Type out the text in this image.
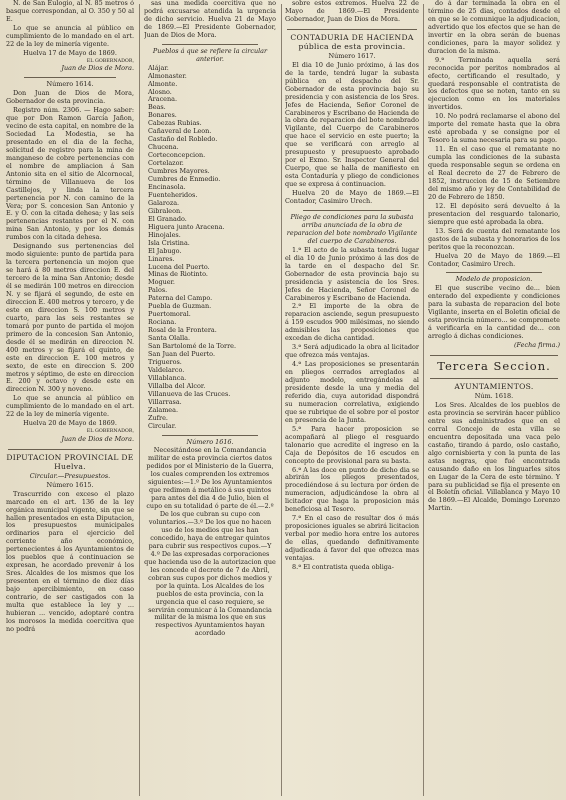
N. de San Eulogio, al N. 85 metros ó basque correspondan, al O. 350 y 50 al E.

Lo que se anuncia al público en cumplimiento de lo mandado en el art. 22 de la ley de minería vigente.

Huelva 17 de Mayo de 1869.

EL GOBERNADOR,

Juan de Dios de Mora.

Número 1614.

Don Juan de Dios de Mora, Gobernador de esta provincia.

Registro núm. 2306. — Hago saber: que por Don Ramon García Jañon, vecino de esta capital, en nombre de la Sociedad La Modestia, se ha presentado en el dia de la fecha, solicitud de registro para la mina de manganeso de cobre pertenencias con el nombre de ampliacion á San Antonio sita en el sitio de Alcornocal, término de Villanueva de los Castillejos, y linda la tercera pertenencia por N. con camino de la Vera; por S. concesion San Antonio y E. y O. con la citada dehesa; y las seis pertenencias restantes por el N. con mina San Antonio, y por los demás rumbos con la citada dehesa.

Designando sus pertenencias del modo siguiente: punto de partida para la tercera pertenencia un mojon que se hará á 80 metros direccion E. del tercero de la mina San Antonio; desde él se medirán 100 metros en direccion N. y se fijará el segundo, de este en direccion E. 400 metros y tercero, y de este en direccion S. 100 metros y cuarto, para las seis restantes se tomará por punto de partida el mojon primero de la concesion San Antonio, desde él se medirán en direccion N. 400 metros y se fijará el quinto, de este en direccion E. 100 metros y sexto, de este en direccion S. 200 metros y séptimo, de este en direccion E. 200 y octavo y desde este en direccion N. 300 y noveno.

Lo que se anuncia al público en cumplimiento de lo mandado en el art. 22 de la ley de minería vigente.

Huelva 20 de Mayo de 1869.

EL GOBERNADOR,

Juan de Dios de Mora.

DIPUTACION PROVINCIAL DE Huelva.

Circular.—Presupuestos.

Número 1615.

Trascurrido con exceso el plazo marcado en el art. 136 de la ley orgánica municipal vigente, sin que se hallen presentados en esta Diputacion, los presupuestos municipales ordinarios para el ejercicio del corriente año económico, pertenecientes á los Ayuntamientos de los pueblos que á continuacion se expresan, he acordado prevenir á los Sres. Alcaldes de los mismos que los presenten en el término de diez días bajo apercibimiento, en caso contrario, de ser castigados con la multa que establece la ley y ... hubieran ... vencido, adoptaré contra los morosos la medida coercitiva que no podrá

sas una medida coercitiva que no podrá excusarse atendida la urgencia de dicho servicio. Huelva 21 de Mayo de 1869.—El Presidente Gobernador, Juan de Dios de Mora.

Pueblos á que se refiere la circular anterior.

Alájar.

Almonaster.

Almonte.

Alosno.

Aracena.

Beas.

Bonares.

Cabezas Rubias.

Cañaveral de Leon.

Castaño del Robledo.

Chucena.

Corteconcepcion.

Cortelazor.

Cumbres Mayores.

Cumbres de Enmedio.

Encinasola.

Fuenteheridos.

Galaroza.

Gibraleon.

El Granado.

Higuera junto Aracena.

Hinojales.

Isla Cristina.

El Jabugo.

Linares.

Lucena del Puerto.

Minas de Riotinto.

Moguer.

Palos.

Paterna del Campo.

Puebla de Guzman.

Puertomoral.

Rociana.

Rosal de la Frontera.

Santa Olalla.

San Bartolomé de la Torre.

San Juan del Puerto.

Trigueros.

Valdelarco.

Villablanca.

Villalba del Alcor.

Villanueva de las Cruces.

Villarrasa.

Zalamea.

Zufre.

Circular.

Número 1616.

Necesitándose en la Comandancia militar de esta provincia ciertos datos pedidos por el Ministerio de la Guerra, los cuales comprenden los extremos siguientes:—1.º De los Ayuntamientos que redimen á metálico á sus quintos para antes del dia 4 de Julio, bien el cupo en su totalidad ó parte de él.—2.º De los que cubran su cupo con voluntarios.—3.º De los que no hacen uso de los medios que les han concedido, haya de entregar quintos para cubrir sus respectivos cupos.—Y 4.º De las expresadas corporaciones que hacienda uso de la autorizacion que les concede el decreto de 7 de Abril, cobran sus cupos por dichos medios y por la quinta. Los Alcaldes de los pueblos de esta provincia, con la urgencia que el caso requiere, se servirán comunicar á la Comandancia militar de la misma los que en sus respectivos Ayuntamientos hayan acordado

sobre estos extremos. Huelva 22 de Mayo de 1869.—El Presidente Gobernador, Juan de Dios de Mora.

CONTADURIA DE HACIENDA pública de esta provincia.

Número 1617.

El dia 10 de Junio próximo, á las dos de la tarde, tendrá lugar la subasta pública en el despacho del Sr. Gobernador de esta provincia bajo su presidencia y con asistencia de los Sres. Jefes de Hacienda, Señor Coronel de Carabineros y Escribano de Hacienda de la obra de reparacion del bote nombrado Vigilante, del Cuerpo de Carabineros que hace el servicio en este puerto; la que se verificará con arreglo al presupuesto y presupuesto aprobado por el Exmo. Sr. Inspector General del Cuerpo, que se halla de manifiesto en esta Contaduría y pliego de condiciones que se expresa á continuacion.

Huelva 20 de Mayo de 1869.—El Contador, Casimiro Urech.

Pliego de condiciones para la subasta arriba anunciada de la obra de reparacion del bote nombrado Vigilante del cuerpo de Carabineros.

1.ª El acto de la subasta tendrá lugar el dia 10 de Junio próximo á las dos de la tarde en el despacho del Sr. Gobernador de esta provincia bajo su presidencia y asistencia de los Sres. Jefes de Hacienda, Señor Coronel de Carabineros y Escribano de Hacienda.

2.ª El importe de la obra de reparacion asciende, segun presupuesto á 159 escudos 900 milésimas, no siendo admisibles las proposiciones que excedan de dicha cantidad.

3.ª Será adjudicado la obra al licitador que ofrezca más ventajas.

4.ª Las proposiciones se presentarán en pliegos cerrados arreglados al adjunto modelo, entregándolas al presidente desde la una y media del referido dia, cuya autoridad dispondrá su numeracion correlativa, exigiendo que se rubrique de el sobre por el postor en presencia de la Junta.

5.ª Para hacer proposicion se acompañará al pliego el resguardo talonario que acredite el ingreso en la Caja de Depósitos de 16 escudos en concepto de provisional para su basta.

6.ª A las doce en punto de dicho dia se abrirán los pliegos presentados, procediéndose á su lectura por órden de numeracion, adjudicándose la obra al licitador que haga la proposicion más beneficiosa al Tesoro.

7.ª En el caso de resultar dos ó más proposiciones iguales se abrirá licitacion verbal por medio hora entre los autores de ellas, quedando definitivamente adjudicada á favor del que ofrezca mas ventajas.

8.ª El contratista queda obliga-

do á dar terminada la obra en el término de 25 dias, contados desde el en que se le comunique la adjudicacion, advertido que los efectos que se han de invertir en la obra serán de buenas condiciones, para la mayor solidez y duracion de la misma.

9.ª Terminada aquella será reconocida por peritos nombrados al efecto, certificando el resultado, y quedará responsable el contratista de los defectos que se noten, tanto en su ejecucion como en los materiales invertidos.

10. No podrá reclamarse el abono del importe del remate hasta que la obra esté aprobada y se consigne por el Tesoro la suma necesaria para su pago.

11. En el caso que el rematante no cumpla las condiciones de la subasta queda responsable segun se ordena en el Real decreto de 27 de Febrero de 1852, instruccion de 15 de Setiembre del mismo año y ley de Contabilidad de 20 de Febrero de 1850.

12. El depósito será devuelto á la presentacion del resguardo talonario, siempre que esté aprobada la obra.

13. Será de cuenta del rematante los gastos de la subasta y honorarios de los peritos que la reconozcan.

Huelva 20 de Mayo de 1869.—El Contador, Casimiro Urech.

Modelo de proposicion.

El que suscribe vecino de... bien enterado del expediente y condiciones para la subasta de reparacion del bote Vigilante, inserta en el Boletin oficial de esta provincia número... se compromete á verificarla en la cantidad de... con arreglo á dichas condiciones.

(Fecha firma.)

Tercera Seccion.

AYUNTAMIENTOS.

Núm. 1618.

Los Sres. Alcaldes de los pueblos de esta provincia se servirán hacer público entre sus administrados que en el corral Concejo de esta villa se encuentra depositada una vaca pelo castaño, tirando á pardo, oslo castaño, algo cornisbierta y con la punta de las astas negras, que fué encontrada causando daño en los linguarles sitos en Lugar de la Cera de este término. Y para su publicidad se fija el presente en el Boletín oficial. Villablanca y Mayo 10 de 1869.—El Alcalde, Domingo Lorenzo Martin.
